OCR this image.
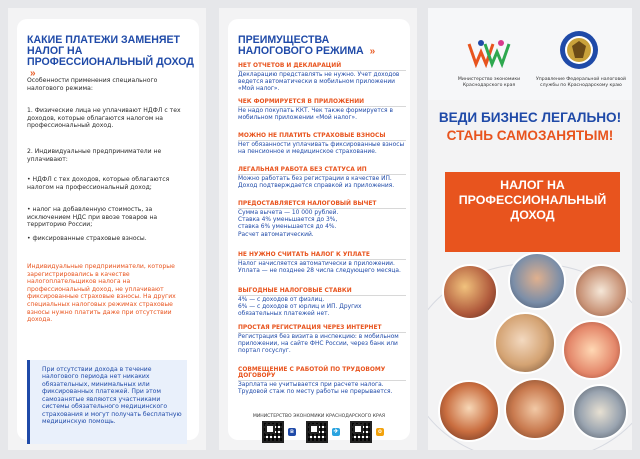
КАКИЕ ПЛАТЕЖИ ЗАМЕНЯЕТ НАЛОГ НА ПРОФЕССИОНАЛЬНЫЙ ДОХОД »
Особенности применения специального налогового режима:
1. Физические лица не уплачивают НДФЛ с тех доходов, которые облагаются налогом на профессиональный доход.
2. Индивидуальные предприниматели не уплачивают:
• НДФЛ с тех доходов, которые облагаются налогом на профессиональный доход;
• налог на добавленную стоимость, за исключением НДС при ввозе товаров на территорию России;
• фиксированные страховые взносы.
Индивидуальные предприниматели, которые зарегистрировались в качестве налогоплательщиков налога на профессиональный доход, не уплачивают фиксированные страховые взносы. На других специальных налоговых режимах страховые взносы нужно платить даже при отсутствии дохода.
При отсутствии дохода в течение налогового периода нет никаких обязательных, минимальных или фиксированных платежей. При этом самозанятые являются участниками системы обязательного медицинского страхования и могут получать бесплатную медицинскую помощь.
ПРЕИМУЩЕСТВА НАЛОГОВОГО РЕЖИМА »
НЕТ ОТЧЕТОВ И ДЕКЛАРАЦИЙ
Декларацию представлять не нужно. Учет доходов ведется автоматически в мобильном приложении «Мой налог».
ЧЕК ФОРМИРУЕТСЯ В ПРИЛОЖЕНИИ
Не надо покупать ККТ. Чек также формируется в мобильном приложении «Мой налог».
МОЖНО НЕ ПЛАТИТЬ СТРАХОВЫЕ ВЗНОСЫ
Нет обязанности уплачивать фиксированные взносы на пенсионное и медицинское страхование.
ЛЕГАЛЬНАЯ РАБОТА БЕЗ СТАТУСА ИП
Можно работать без регистрации в качестве ИП. Доход подтверждается справкой из приложения.
ПРЕДОСТАВЛЯЕТСЯ НАЛОГОВЫЙ ВЫЧЕТ
Сумма вычета — 10 000 рублей.
Ставка 4% уменьшается до 3%,
ставка 6% уменьшается до 4%.
Расчет автоматический.
НЕ НУЖНО СЧИТАТЬ НАЛОГ К УПЛАТЕ
Налог начисляется автоматически в приложении. Уплата — не позднее 28 числа следующего месяца.
ВЫГОДНЫЕ НАЛОГОВЫЕ СТАВКИ
4% — с доходов от физлиц.
6% — с доходов от юрлиц и ИП. Других обязательных платежей нет.
ПРОСТАЯ РЕГИСТРАЦИЯ ЧЕРЕЗ ИНТЕРНЕТ
Регистрация без визита в инспекцию: в мобильном приложении, на сайте ФНС России, через банк или портал госуслуг.
СОВМЕЩЕНИЕ С РАБОТОЙ ПО ТРУДОВОМУ ДОГОВОРУ
Зарплата не учитывается при расчете налога. Трудовой стаж по месту работы не прерывается.
МИНИСТЕРСТВО ЭКОНОМИКИ КРАСНОДАРСКОГО КРАЯ
в	✈	о
Министерство экономики Краснодарского края
Управление Федеральной налоговой службы по Краснодарскому краю
ВЕДИ БИЗНЕС ЛЕГАЛЬНО!
СТАНЬ САМОЗАНЯТЫМ!
НАЛОГ НА ПРОФЕССИОНАЛЬНЫЙ ДОХОД
